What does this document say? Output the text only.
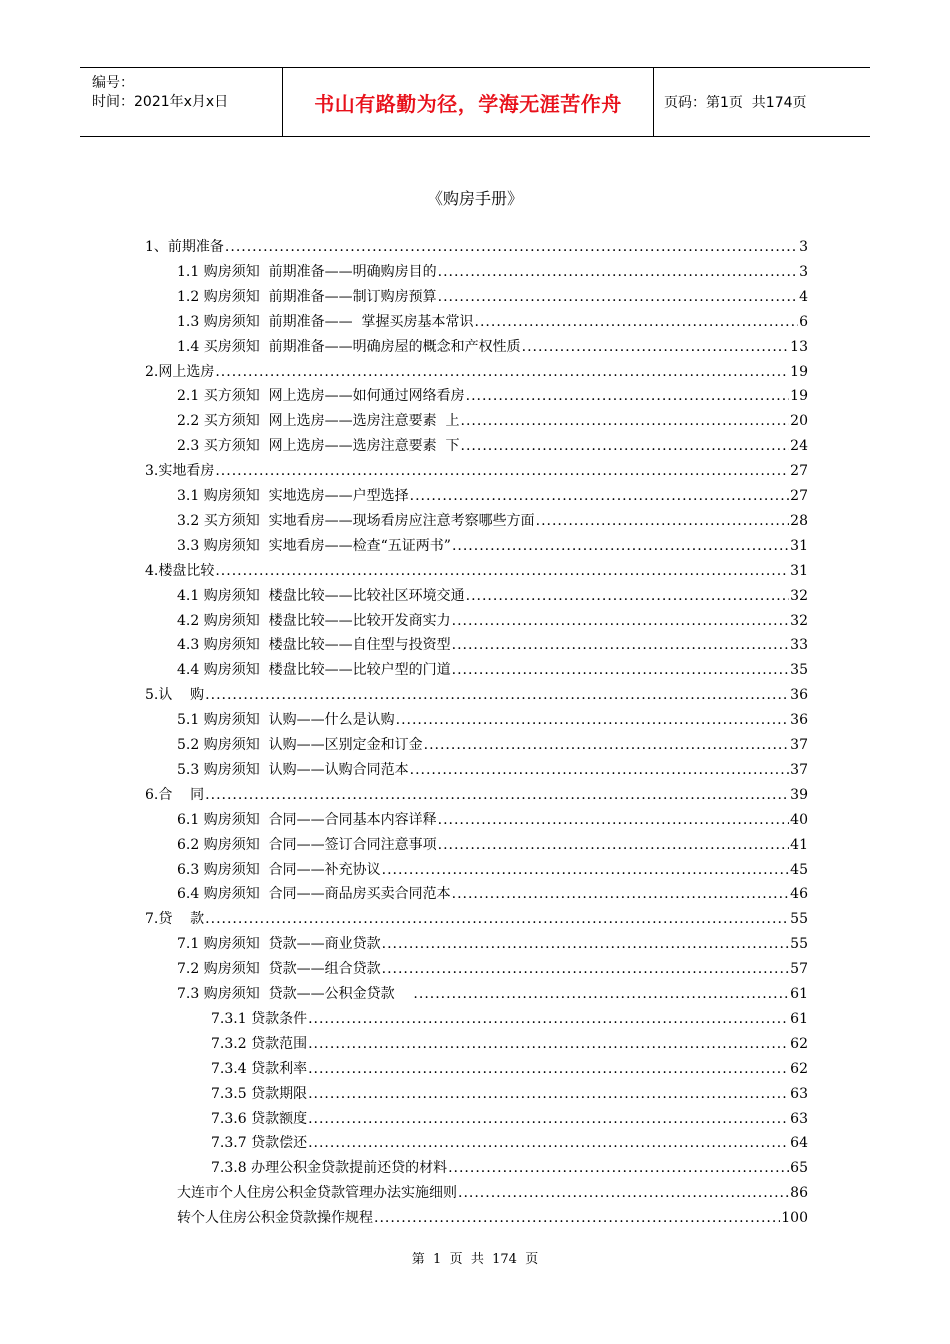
编号：
时间：2021年x月x日	书山有路勤为径，学海无涯苦作舟	页码：第1页  共174页
《购房手册》
1、前期准备 .....	3
1.1 购房须知  前期准备——明确购房目的 .....	3
1.2 购房须知  前期准备——制订购房预算 .....	4
1.3 购房须知  前期准备——  掌握买房基本常识 .....	6
1.4 买房须知  前期准备——明确房屋的概念和产权性质 .....	13
2.网上选房 .....	19
2.1 买方须知  网上选房——如何通过网络看房 .....	19
2.2 买方须知  网上选房——选房注意要素  上 .....	20
2.3 买方须知  网上选房——选房注意要素  下 .....	24
3.实地看房 .....	27
3.1 购房须知  实地选房——户型选择 .....	27
3.2 买方须知  实地看房——现场看房应注意考察哪些方面 .....	28
3.3 购房须知  实地看房——检查“五证两书” .....	31
4.楼盘比较 .....	31
4.1 购房须知  楼盘比较——比较社区环境交通 .....	32
4.2 购房须知  楼盘比较——比较开发商实力 .....	32
4.3 购房须知  楼盘比较——自住型与投资型 .....	33
4.4 购房须知  楼盘比较——比较户型的门道 .....	35
5.认    购 .....	36
5.1 购房须知  认购——什么是认购 .....	36
5.2 购房须知  认购——区别定金和订金 .....	37
5.3 购房须知  认购——认购合同范本 .....	37
6.合    同 .....	39
6.1 购房须知  合同——合同基本内容详释 .....	40
6.2 购房须知  合同——签订合同注意事项 .....	41
6.3 购房须知  合同——补充协议 .....	45
6.4 购房须知  合同——商品房买卖合同范本 .....	46
7.贷    款 .....	55
7.1 购房须知  贷款——商业贷款 .....	55
7.2 购房须知  贷款——组合贷款 .....	57
7.3 购房须知  贷款——公积金贷款 .....	61
7.3.1 贷款条件 .....	61
7.3.2 贷款范围 .....	62
7.3.4 贷款利率 .....	62
7.3.5 贷款期限 .....	63
7.3.6 贷款额度 .....	63
7.3.7 贷款偿还 .....	64
7.3.8 办理公积金贷款提前还贷的材料 .....	65
大连市个人住房公积金贷款管理办法实施细则 .....	86
转个人住房公积金贷款操作规程 .....	100
第  1  页  共  174  页
